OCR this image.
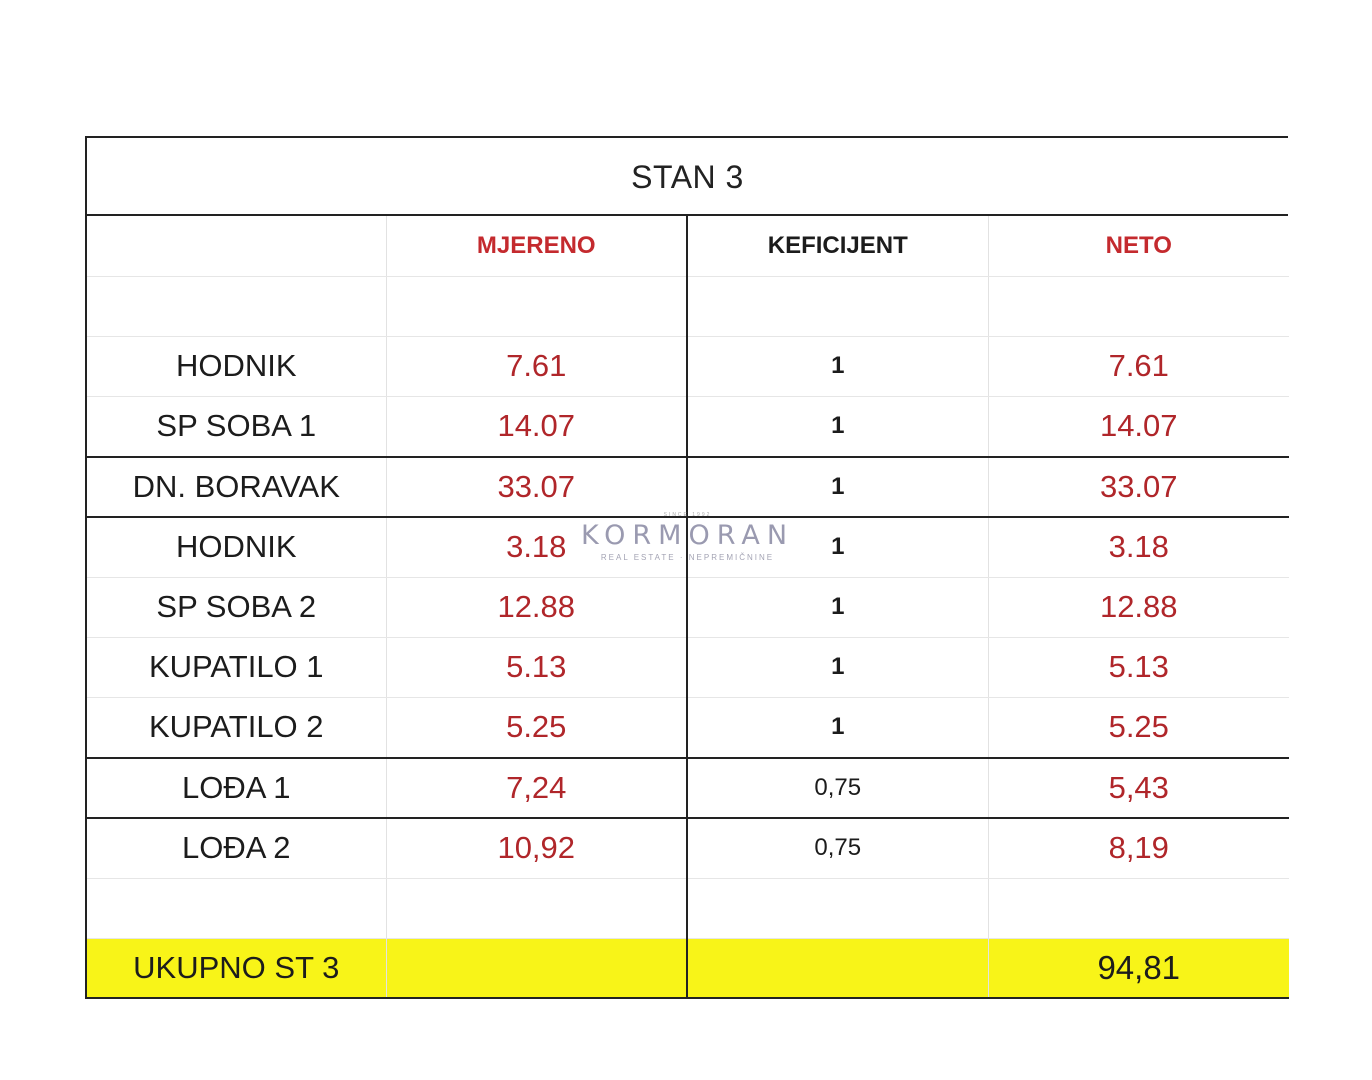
STAN 3
	MJERENO	KEFICIJENT	NETO

HODNIK	7.61	1	7.61
SP SOBA 1	14.07	1	14.07
DN. BORAVAK	33.07	1	33.07
HODNIK	3.18	1	3.18
SP SOBA 2	12.88	1	12.88
KUPATILO 1	5.13	1	5.13
KUPATILO 2	5.25	1	5.25
LOĐA 1	7,24	0,75	5,43
LOĐA 2	10,92	0,75	8,19

UKUPNO ST 3			94,81
SINCE 1992
KORMORAN
REAL ESTATE · NEPREMIČNINE
